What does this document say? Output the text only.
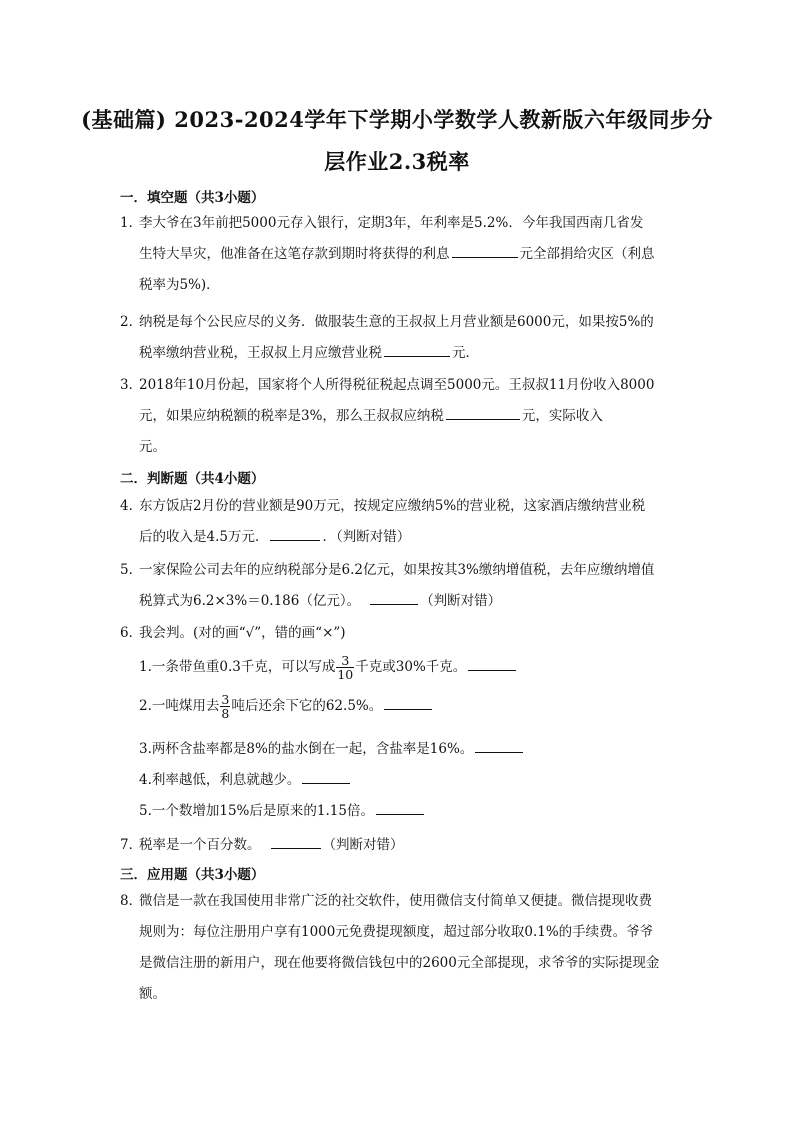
(基础篇) 2023-2024学年下学期小学数学人教新版六年级同步分
层作业2.3税率
一．填空题（共3小题）
1．
李大爷在3年前把5000元存入银行，定期3年，年利率是5.2%．今年我国西南几省发
生特大旱灾，他准备在这笔存款到期时将获得的利息	元全部捐给灾区（利息
税率为5%)．
2．
纳税是每个公民应尽的义务．做服装生意的王叔叔上月营业额是6000元，如果按5%的
税率缴纳营业税，王叔叔上月应缴营业税	元．
3．
2018年10月份起，国家将个人所得税征税起点调至5000元。王叔叔11月份收入8000
元，如果应纳税额的税率是3%，那么王叔叔应纳税	元，实际收入
元。
二．判断题（共4小题）
4．
东方饭店2月份的营业额是90万元，按规定应缴纳5%的营业税，这家酒店缴纳营业税
后的收入是4.5万元．	．（判断对错）
5．
一家保险公司去年的应纳税部分是6.2亿元，如果按其3%缴纳增值税，去年应缴纳增值
税算式为6.2×3%＝0.186（亿元）。	（判断对错）
6．
我会判。(对的画“√”，错的画“×”)
1.一条带鱼重0.3千克，可以写成 $\frac{3}{10}$ 千克或30%千克。
2.一吨煤用去 $\frac{3}{8}$ 吨后还余下它的62.5%。
3.两杯含盐率都是8%的盐水倒在一起，含盐率是16%。
4.利率越低，利息就越少。
5.一个数增加15%后是原来的1.15倍。
7．
税率是一个百分数。	（判断对错）
三．应用题（共3小题）
8．
微信是一款在我国使用非常广泛的社交软件，使用微信支付简单又便捷。微信提现收费
规则为：每位注册用户享有1000元免费提现额度，超过部分收取0.1%的手续费。爷爷
是微信注册的新用户，现在他要将微信钱包中的2600元全部提现，求爷爷的实际提现金
额。
